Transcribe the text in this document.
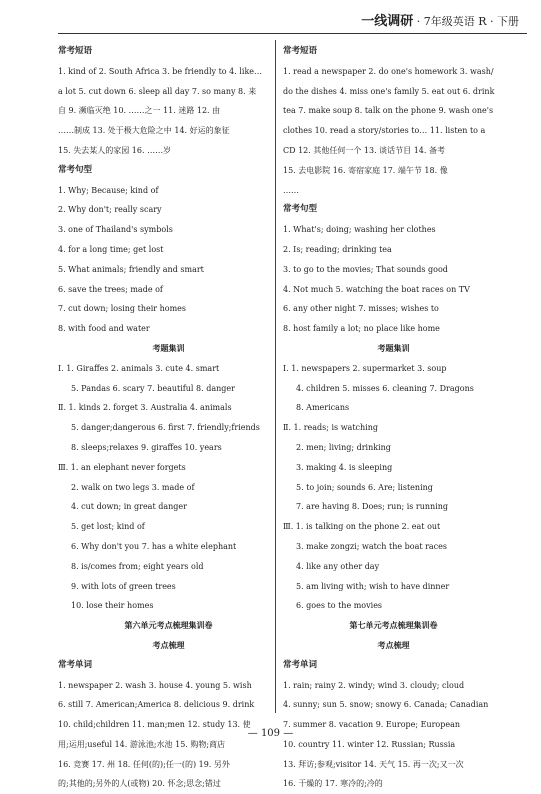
一线调研 · 7年级英语 R · 下册
常考短语
1. kind of 2. South Africa 3. be friendly to 4. like…
a lot 5. cut down 6. sleep all day 7. so many 8. 来
自 9. 濒临灭绝 10. ……之一 11. 迷路 12. 由
……制成 13. 处于极大危险之中 14. 好运的象征
15. 失去某人的家园 16. ……岁
常考句型
1. Why; Because; kind of
2. Why don't; really scary
3. one of Thailand's symbols
4. for a long time; get lost
5. What animals; friendly and smart
6. save the trees; made of
7. cut down; losing their homes
8. with food and water
考题集训
Ⅰ. 1. Giraffes 2. animals 3. cute 4. smart
5. Pandas 6. scary 7. beautiful 8. danger
Ⅱ. 1. kinds 2. forget 3. Australia 4. animals
5. danger;dangerous 6. first 7. friendly;friends
8. sleeps;relaxes 9. giraffes 10. years
Ⅲ. 1. an elephant never forgets
2. walk on two legs 3. made of
4. cut down; in great danger
5. get lost; kind of
6. Why don't you 7. has a white elephant
8. is/comes from; eight years old
9. with lots of green trees
10. lose their homes
第六单元考点梳理集训卷
考点梳理
常考单词
1. newspaper 2. wash 3. house 4. young 5. wish
6. still 7. American;America 8. delicious 9. drink
10. child;children 11. man;men 12. study 13. 使
用;运用;useful 14. 游泳池;水池 15. 购物;商店
16. 竞赛 17. 州 18. 任何(的);任一(的) 19. 另外
的;其他的;另外的人(或物) 20. 怀念;思念;错过
常考短语
1. read a newspaper 2. do one's homework 3. wash/
do the dishes 4. miss one's family 5. eat out 6. drink
tea 7. make soup 8. talk on the phone 9. wash one's
clothes 10. read a story/stories to… 11. listen to a
CD 12. 其他任何一个 13. 谈话节目 14. 备考
15. 去电影院 16. 寄宿家庭 17. 端午节 18. 像
……
常考句型
1. What's; doing; washing her clothes
2. Is; reading; drinking tea
3. to go to the movies; That sounds good
4. Not much 5. watching the boat races on TV
6. any other night 7. misses; wishes to
8. host family a lot; no place like home
考题集训
Ⅰ. 1. newspapers 2. supermarket 3. soup
4. children 5. misses 6. cleaning 7. Dragons
8. Americans
Ⅱ. 1. reads; is watching
2. men; living; drinking
3. making 4. is sleeping
5. to join; sounds 6. Are; listening
7. are having 8. Does; run; is running
Ⅲ. 1. is talking on the phone 2. eat out
3. make zongzi; watch the boat races
4. like any other day
5. am living with; wish to have dinner
6. goes to the movies
第七单元考点梳理集训卷
考点梳理
常考单词
1. rain; rainy 2. windy; wind 3. cloudy; cloud
4. sunny; sun 5. snow; snowy 6. Canada; Canadian
7. summer 8. vacation 9. Europe; European
10. country 11. winter 12. Russian; Russia
13. 拜访;参观;visitor 14. 天气 15. 再一次;又一次
16. 干燥的 17. 寒冷的;冷的
— 109 —
